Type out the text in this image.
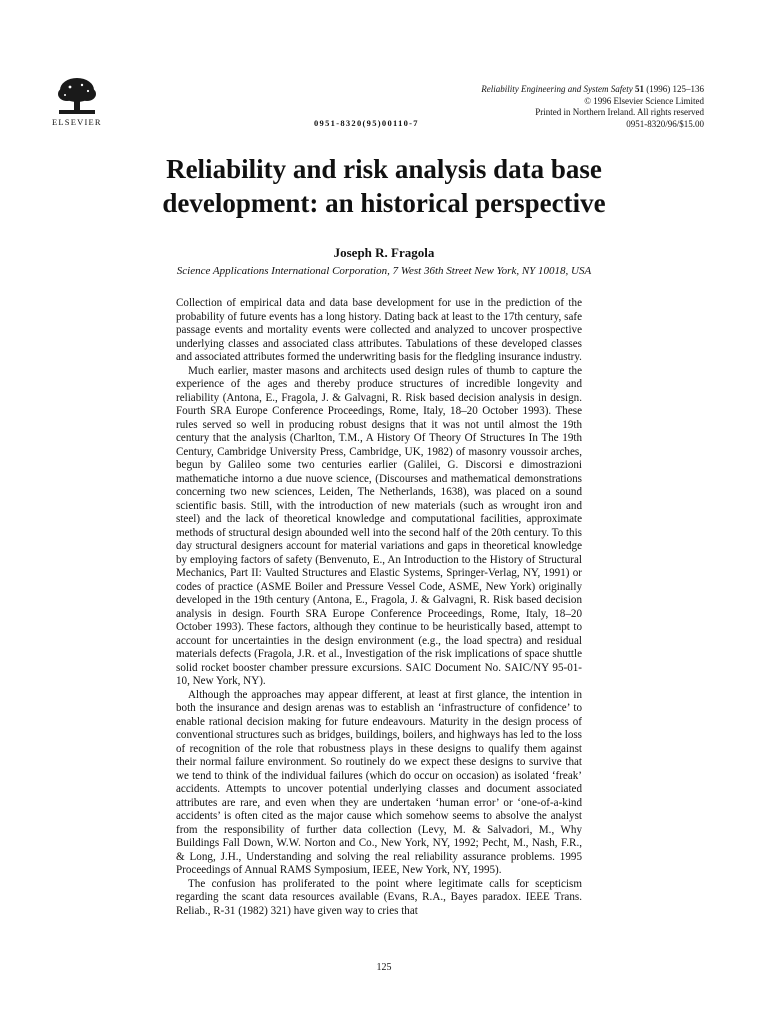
ELSEVIER	0951-8320(95)00110-7
Reliability Engineering and System Safety 51 (1996) 125–136
© 1996 Elsevier Science Limited
Printed in Northern Ireland. All rights reserved
0951-8320/96/$15.00
Reliability and risk analysis data base
development: an historical perspective
Joseph R. Fragola
Science Applications International Corporation, 7 West 36th Street New York, NY 10018, USA

Collection of empirical data and data base development for use in the prediction of the probability of future events has a long history. Dating back at least to the 17th century, safe passage events and mortality events were collected and analyzed to uncover prospective underlying classes and associated class attributes. Tabulations of these developed classes and associated attributes formed the underwriting basis for the fledgling insurance industry.

Much earlier, master masons and architects used design rules of thumb to capture the experience of the ages and thereby produce structures of incredible longevity and reliability (Antona, E., Fragola, J. & Galvagni, R. Risk based decision analysis in design. Fourth SRA Europe Conference Proceedings, Rome, Italy, 18–20 October 1993). These rules served so well in producing robust designs that it was not until almost the 19th century that the analysis (Charlton, T.M., A History Of Theory Of Structures In The 19th Century, Cambridge University Press, Cambridge, UK, 1982) of masonry voussoir arches, begun by Galileo some two centuries earlier (Galilei, G. Discorsi e dimostrazioni mathematiche intorno a due nuove science, (Discourses and mathematical demonstrations concerning two new sciences, Leiden, The Netherlands, 1638), was placed on a sound scientific basis. Still, with the introduction of new materials (such as wrought iron and steel) and the lack of theoretical knowledge and computational facilities, approximate methods of structural design abounded well into the second half of the 20th century. To this day structural designers account for material variations and gaps in theoretical knowledge by employing factors of safety (Benvenuto, E., An Introduction to the History of Structural Mechanics, Part II: Vaulted Structures and Elastic Systems, Springer-Verlag, NY, 1991) or codes of practice (ASME Boiler and Pressure Vessel Code, ASME, New York) originally developed in the 19th century (Antona, E., Fragola, J. & Galvagni, R. Risk based decision analysis in design. Fourth SRA Europe Conference Proceedings, Rome, Italy, 18–20 October 1993). These factors, although they continue to be heuristically based, attempt to account for uncertainties in the design environment (e.g., the load spectra) and residual materials defects (Fragola, J.R. et al., Investigation of the risk implications of space shuttle solid rocket booster chamber pressure excursions. SAIC Document No. SAIC/NY 95-01-10, New York, NY).

Although the approaches may appear different, at least at first glance, the intention in both the insurance and design arenas was to establish an ‘infrastructure of confidence’ to enable rational decision making for future endeavours. Maturity in the design process of conventional structures such as bridges, buildings, boilers, and highways has led to the loss of recognition of the role that robustness plays in these designs to qualify them against their normal failure environment. So routinely do we expect these designs to survive that we tend to think of the individual failures (which do occur on occasion) as isolated ‘freak’ accidents. Attempts to uncover potential underlying classes and document associated attributes are rare, and even when they are undertaken ‘human error’ or ‘one-of-a-kind accidents’ is often cited as the major cause which somehow seems to absolve the analyst from the responsibility of further data collection (Levy, M. & Salvadori, M., Why Buildings Fall Down, W.W. Norton and Co., New York, NY, 1992; Pecht, M., Nash, F.R., & Long, J.H., Understanding and solving the real reliability assurance problems. 1995 Proceedings of Annual RAMS Symposium, IEEE, New York, NY, 1995).

The confusion has proliferated to the point where legitimate calls for scepticism regarding the scant data resources available (Evans, R.A., Bayes paradox. IEEE Trans. Reliab., R-31 (1982) 321) have given way to cries that

125
